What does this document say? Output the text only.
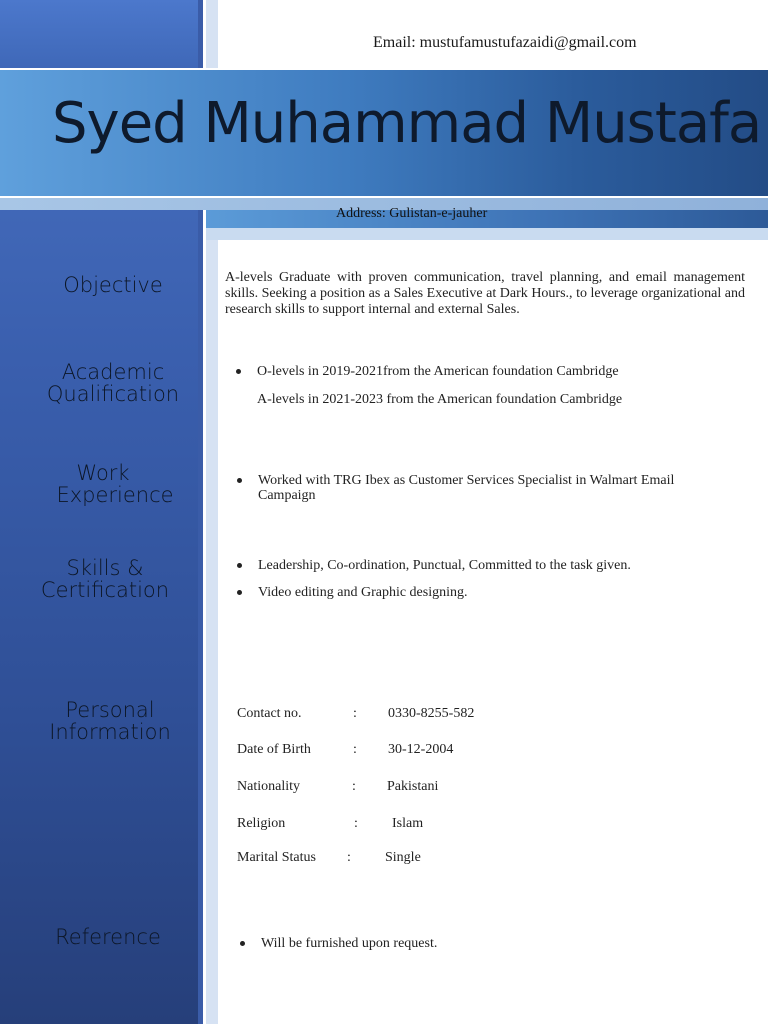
Email: mustufamustufazaidi@gmail.com
Syed Muhammad Mustafa
Address: Gulistan-e-jauher
Objective
Academic
Qualification
Work
Experience
Skills &
Certification
Personal
Information
Reference
A-levels Graduate with proven communication, travel planning, and email management skills. Seeking a position as a Sales Executive at Dark Hours., to leverage organizational and research skills to support internal and external Sales.
O-levels in 2019-2021from the American foundation Cambridge
A-levels in 2021-2023 from the American foundation Cambridge
Worked with TRG Ibex as Customer Services Specialist in Walmart Email Campaign
Leadership, Co-ordination, Punctual, Committed to the task given.
Video editing and Graphic designing.
Contact no.	: 0330-8255-582
Date of Birth	: 30-12-2004
Nationality	: Pakistani
Religion	: Islam
Marital Status : Single
Will be furnished upon request.
